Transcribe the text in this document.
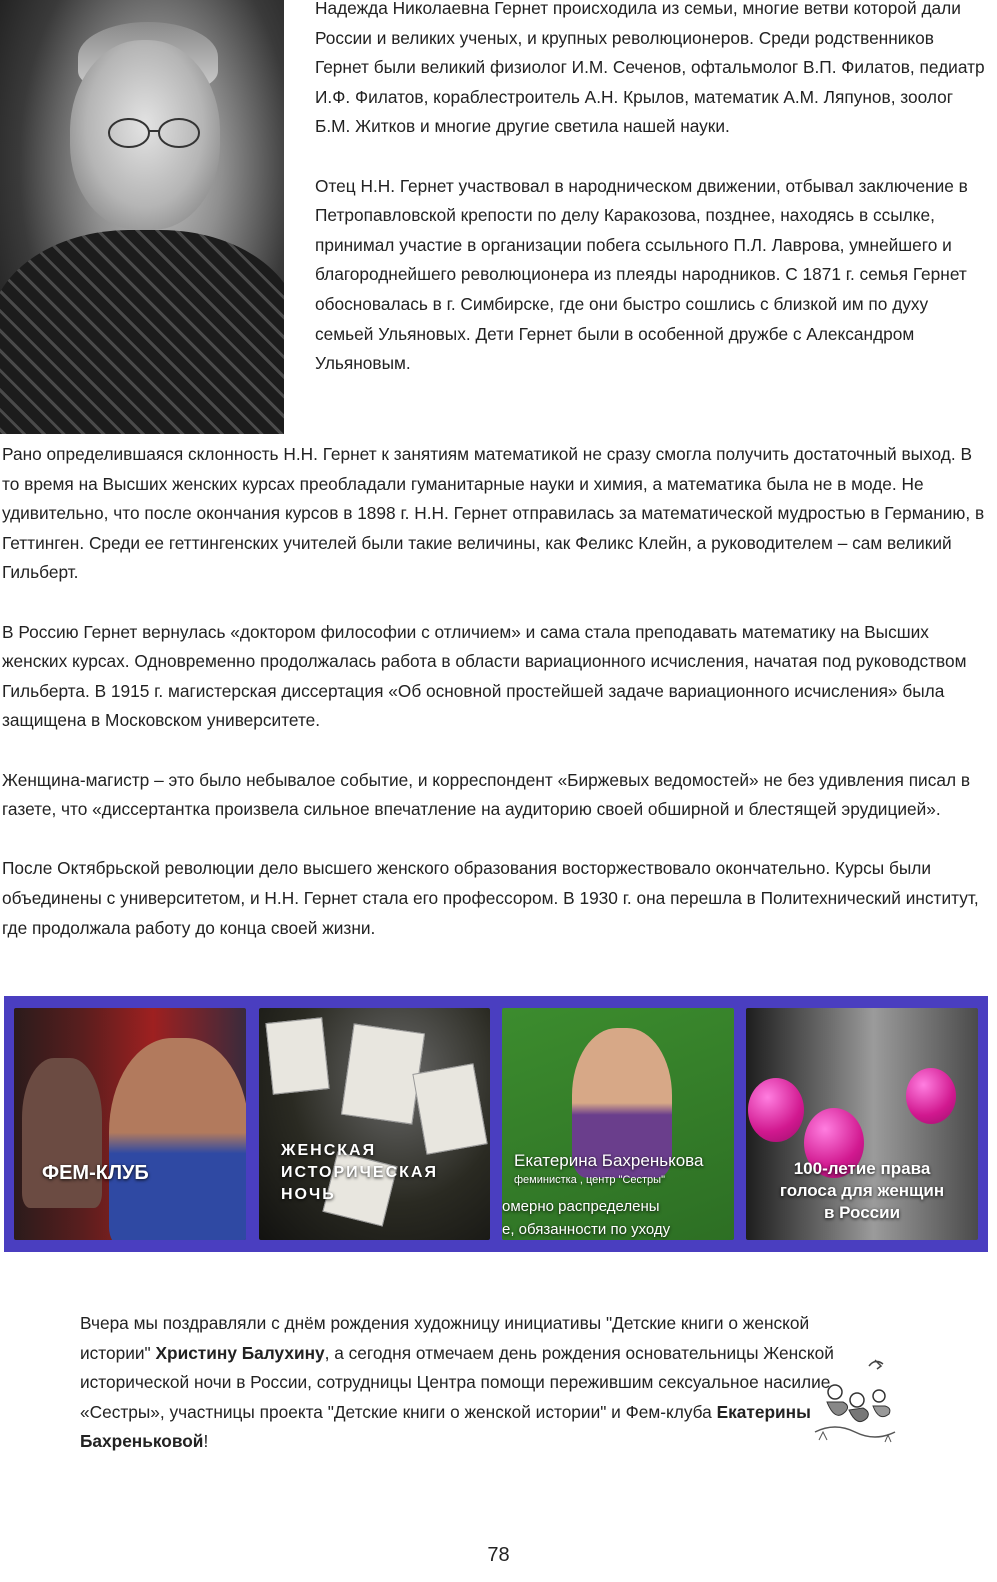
Надежда Николаевна Гернет происходила из семьи, многие ветви которой дали России и великих ученых, и крупных революционеров. Среди родственников Гернет были великий физиолог И.М. Сеченов, офтальмолог В.П. Филатов, педиатр И.Ф. Филатов, кораблестроитель А.Н. Крылов, математик А.М. Ляпунов, зоолог Б.М. Житков и многие другие светила нашей науки.

Отец Н.Н. Гернет участвовал в народническом движении, отбывал заключение в Петропавловской крепости по делу Каракозова, позднее, находясь в ссылке, принимал участие в организации побега ссыльного П.Л. Лаврова, умнейшего и благороднейшего революционера из плеяды народников. С 1871 г. семья Гернет обосновалась в г. Симбирске, где они быстро сошлись с близкой им по духу семьей Ульяновых. Дети Гернет были в особенной дружбе с Александром Ульяновым.

Рано определившаяся склонность Н.Н. Гернет к занятиям математикой не сразу смогла получить достаточный выход. В то время на Высших женских курсах преобладали гуманитарные науки и химия, а математика была не в моде. Не удивительно, что после окончания курсов в 1898 г. Н.Н. Гернет отправилась за математической мудростью в Германию, в Геттинген. Среди ее геттингенских учителей были такие величины, как Феликс Клейн, а руководителем – сам великий Гильберт.

В Россию Гернет вернулась «доктором философии с отличием» и сама стала преподавать математику на Высших женских курсах. Одновременно продолжалась работа в области вариационного исчисления, начатая под руководством Гильберта. В 1915 г. магистерская диссертация «Об основной простейшей задаче вариационного исчисления» была защищена в Московском университете.

Женщина-магистр – это было небывалое событие, и корреспондент «Биржевых ведомостей» не без удивления писал в газете, что «диссертантка произвела сильное впечатление на аудиторию своей обширной и блестящей эрудицией».

После Октябрьской революции дело высшего женского образования восторжествовало окончательно. Курсы были объединены с университетом, и Н.Н. Гернет стала его профессором. В 1930 г. она перешла в Политехнический институт, где продолжала работу до конца своей жизни.

ФЕМ-КЛУБ
ЖЕНСКАЯ
ИСТОРИЧЕСКАЯ
НОЧЬ
Екатерина Бахренькова
феминистка , центр "Сестры"
омерно распределены
е, обязанности по уходу
100-летие права
голоса для женщин
в России

Вчера мы поздравляли с днём рождения художницу инициативы "Детские книги о женской истории" Христину Балухину, а сегодня отмечаем день рождения основательницы Женской исторической ночи в России, сотрудницы Центра помощи пережившим сексуальное насилие «Сестры», участницы проекта "Детские книги о женской истории" и Фем-клуба Екатерины Бахреньковой!

78
